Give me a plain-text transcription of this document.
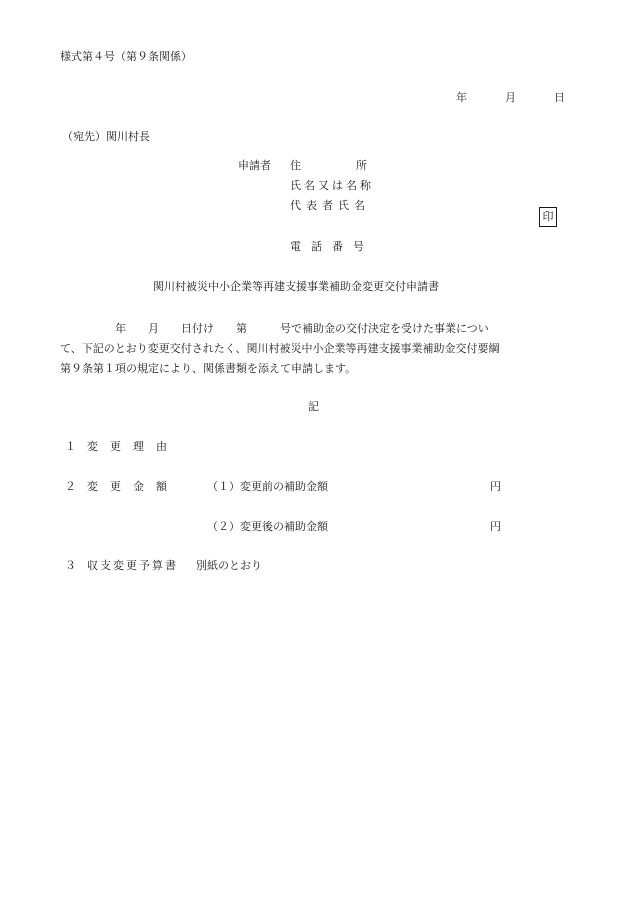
様式第４号（第９条関係）
年	月	日
（宛先）関川村長
申請者 住　　　　　所
氏名又は名称
代表者氏名
印
電話番号
関川村被災中小企業等再建支援事業補助金変更交付申請書
　　　　　年　　月　　日付け　　第　　　号で補助金の交付決定を受けた事業につい
て、下記のとおり変更交付されたく、関川村被災中小企業等再建支援事業補助金交付要綱
第９条第１項の規定により、関係書類を添えて申請します。
記
１ 変更理由
２ 変更金額	（１）変更前の補助金額	円
（２）変更後の補助金額	円
３ 収支変更予算書 別紙のとおり
